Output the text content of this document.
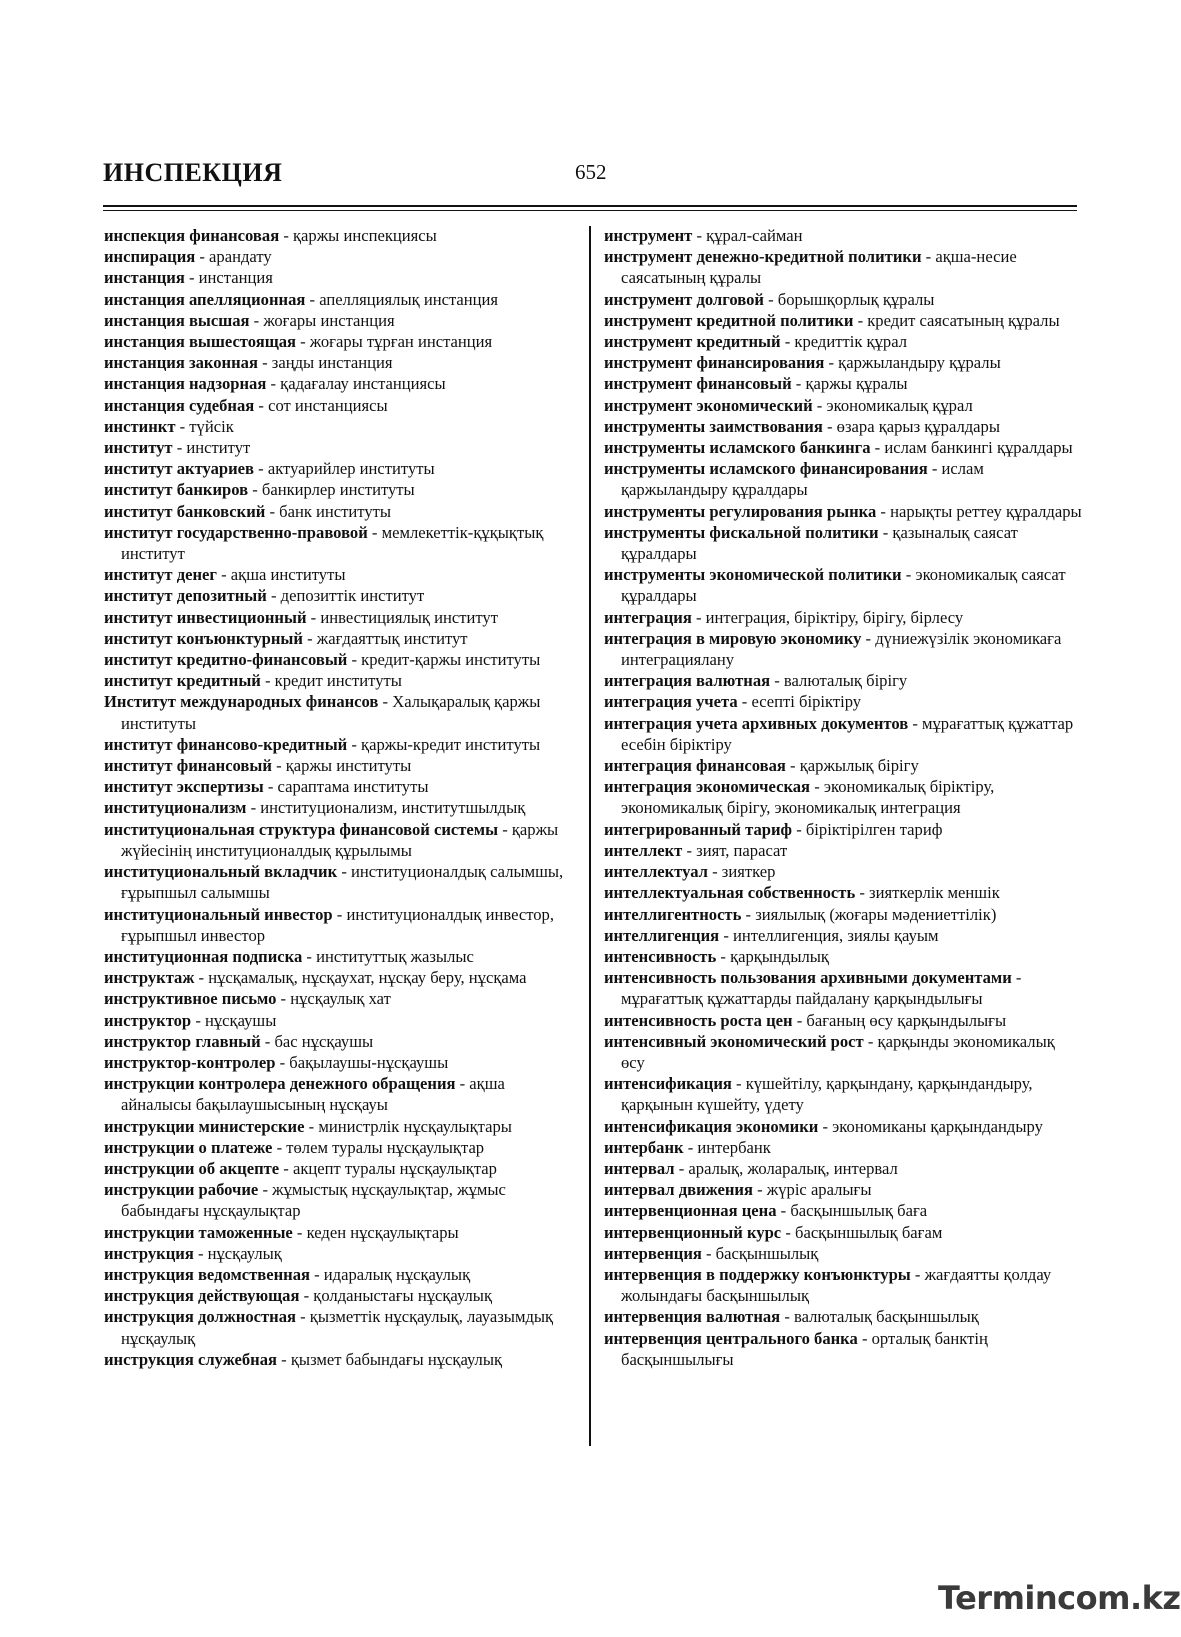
ИНСПЕКЦИЯ	652

инспекция финансовая - қаржы инспекциясы

инспирация - арандату

инстанция - инстанция

инстанция апелляционная - апелляциялық инстанция

инстанция высшая - жоғары инстанция

инстанция вышестоящая - жоғары тұрған инстанция

инстанция законная - заңды инстанция

инстанция надзорная - қадағалау инстанциясы

инстанция судебная - сот инстанциясы

инстинкт - түйсік

институт - институт

институт актуариев - актуарийлер институты

институт банкиров - банкирлер институты

институт банковский - банк институты

институт государственно-правовой - мемлекеттік-құқықтық институт

институт денег - ақша институты

институт депозитный - депозиттік институт

институт инвестиционный - инвестициялық институт

институт конъюнктурный - жағдаяттық институт

институт кредитно-финансовый - кредит-қаржы институты

институт кредитный - кредит институты

Институт международных финансов - Халықаралық қаржы институты

институт финансово-кредитный - қаржы-кредит институты

институт финансовый - қаржы институты

институт экспертизы - сараптама институты

институционализм - институционализм, институтшылдық

институциональная структура финансовой системы - қаржы жүйесінің институционалдық құрылымы

институциональный вкладчик - институционалдық салымшы, ғұрыпшыл салымшы

институциональный инвестор - институционалдық инвестор, ғұрыпшыл инвестор

институционная подписка - институттық жазылыс

инструктаж - нұсқамалық, нұсқаухат, нұсқау беру, нұсқама

инструктивное письмо - нұсқаулық хат

инструктор - нұсқаушы

инструктор главный - бас нұсқаушы

инструктор-контролер - бақылаушы-нұсқаушы

инструкции контролера денежного обращения - ақша айналысы бақылаушысының нұсқауы

инструкции министерские - министрлік нұсқаулықтары

инструкции о платеже - төлем туралы нұсқаулықтар

инструкции об акцепте - акцепт туралы нұсқаулықтар

инструкции рабочие - жұмыстық нұсқаулықтар, жұмыс бабындағы нұсқаулықтар

инструкции таможенные - кеден нұсқаулықтары

инструкция - нұсқаулық

инструкция ведомственная - идаралық нұсқаулық

инструкция действующая - қолданыстағы нұсқаулық

инструкция должностная - қызметтік нұсқаулық, лауазымдық нұсқаулық

инструкция служебная - қызмет бабындағы нұсқаулық

инструмент - құрал-сайман

инструмент денежно-кредитной политики - ақша-несие саясатының құралы

инструмент долговой - борышқорлық құралы

инструмент кредитной политики - кредит саясатының құралы

инструмент кредитный - кредиттік құрал

инструмент финансирования - қаржыландыру құралы

инструмент финансовый - қаржы құралы

инструмент экономический - экономикалық құрал

инструменты заимствования - өзара қарыз құралдары

инструменты исламского банкинга - ислам банкингі құралдары

инструменты исламского финансирования - ислам қаржыландыру құралдары

инструменты регулирования рынка - нарықты реттеу құралдары

инструменты фискальной политики - қазыналық саясат құралдары

инструменты экономической политики - экономикалық саясат құралдары

интеграция - интеграция, біріктіру, бірігу, бірлесу

интеграция в мировую экономику - дүниежүзілік экономикаға интеграциялану

интеграция валютная - валюталық бірігу

интеграция учета - есепті біріктіру

интеграция учета архивных документов - мұрағаттық құжаттар есебін біріктіру

интеграция финансовая - қаржылық бірігу

интеграция экономическая - экономикалық біріктіру, экономикалық бірігу, экономикалық интеграция

интегрированный тариф - біріктірілген тариф

интеллект - зият, парасат

интеллектуал - зияткер

интеллектуальная собственность - зияткерлік меншік

интеллигентность - зиялылық (жоғары мәдениеттілік)

интеллигенция - интеллигенция, зиялы қауым

интенсивность - қарқындылық

интенсивность пользования архивными документами - мұрағаттық құжаттарды пайдалану қарқындылығы

интенсивность роста цен - бағаның өсу қарқындылығы

интенсивный экономический рост - қарқынды экономикалық өсу

интенсификация - күшейтілу, қарқындану, қарқындандыру, қарқынын күшейту, үдету

интенсификация экономики - экономиканы қарқындандыру

интербанк - интербанк

интервал - аралық, жоларалық, интервал

интервал движения - жүріс аралығы

интервенционная цена - басқыншылық баға

интервенционный курс - басқыншылық бағам

интервенция - басқыншылық

интервенция в поддержку конъюнктуры - жағдаятты қолдау жолындағы басқыншылық

интервенция валютная - валюталық басқыншылық

интервенция центрального банка - орталық банктің басқыншылығы

Termincоm.kz
